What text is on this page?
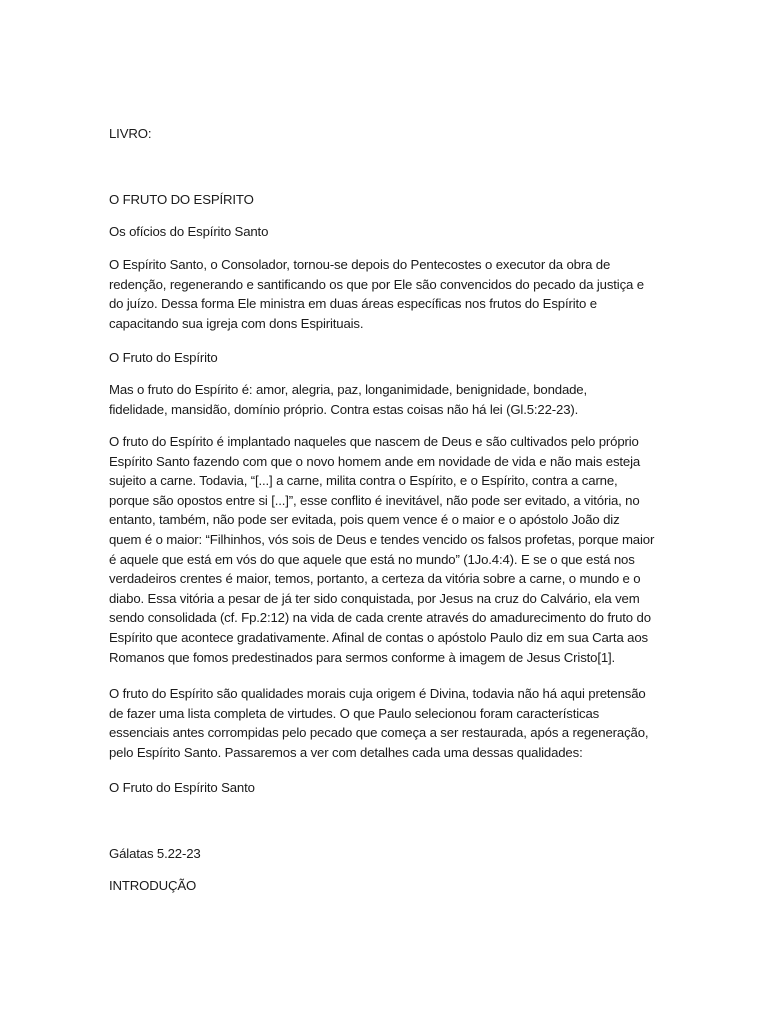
LIVRO:

O FRUTO DO ESPÍRITO

Os ofícios do Espírito Santo

O Espírito Santo, o Consolador, tornou-se depois do Pentecostes o executor da obra de

redenção, regenerando e santificando os que por Ele são convencidos do pecado da justiça e

do juízo. Dessa forma Ele ministra em duas áreas específicas nos frutos do Espírito e

capacitando sua igreja com dons Espirituais.

O Fruto do Espírito

Mas o fruto do Espírito é: amor, alegria, paz, longanimidade, benignidade, bondade,

fidelidade, mansidão, domínio próprio. Contra estas coisas não há lei (Gl.5:22-23).

O fruto do Espírito é implantado naqueles que nascem de Deus e são cultivados pelo próprio

Espírito Santo fazendo com que o novo homem ande em novidade de vida e não mais esteja

sujeito a carne. Todavia, “[...] a carne, milita contra o Espírito, e o Espírito, contra a carne,

porque são opostos entre si [...]”, esse conflito é inevitável, não pode ser evitado, a vitória, no

entanto, também, não pode ser evitada, pois quem vence é o maior e o apóstolo João diz

quem é o maior: “Filhinhos, vós sois de Deus e tendes vencido os falsos profetas, porque maior

é aquele que está em vós do que aquele que está no mundo” (1Jo.4:4). E se o que está nos

verdadeiros crentes é maior, temos, portanto, a certeza da vitória sobre a carne, o mundo e o

diabo. Essa vitória a pesar de já ter sido conquistada, por Jesus na cruz do Calvário, ela vem

sendo consolidada (cf. Fp.2:12) na vida de cada crente através do amadurecimento do fruto do

Espírito que acontece gradativamente. Afinal de contas o apóstolo Paulo diz em sua Carta aos

Romanos que fomos predestinados para sermos conforme à imagem de Jesus Cristo[1].

O fruto do Espírito são qualidades morais cuja origem é Divina, todavia não há aqui pretensão

de fazer uma lista completa de virtudes. O que Paulo selecionou foram características

essenciais antes corrompidas pelo pecado que começa a ser restaurada, após a regeneração,

pelo Espírito Santo. Passaremos a ver com detalhes cada uma dessas qualidades:

O Fruto do Espírito Santo

Gálatas 5.22-23

INTRODUÇÃO
